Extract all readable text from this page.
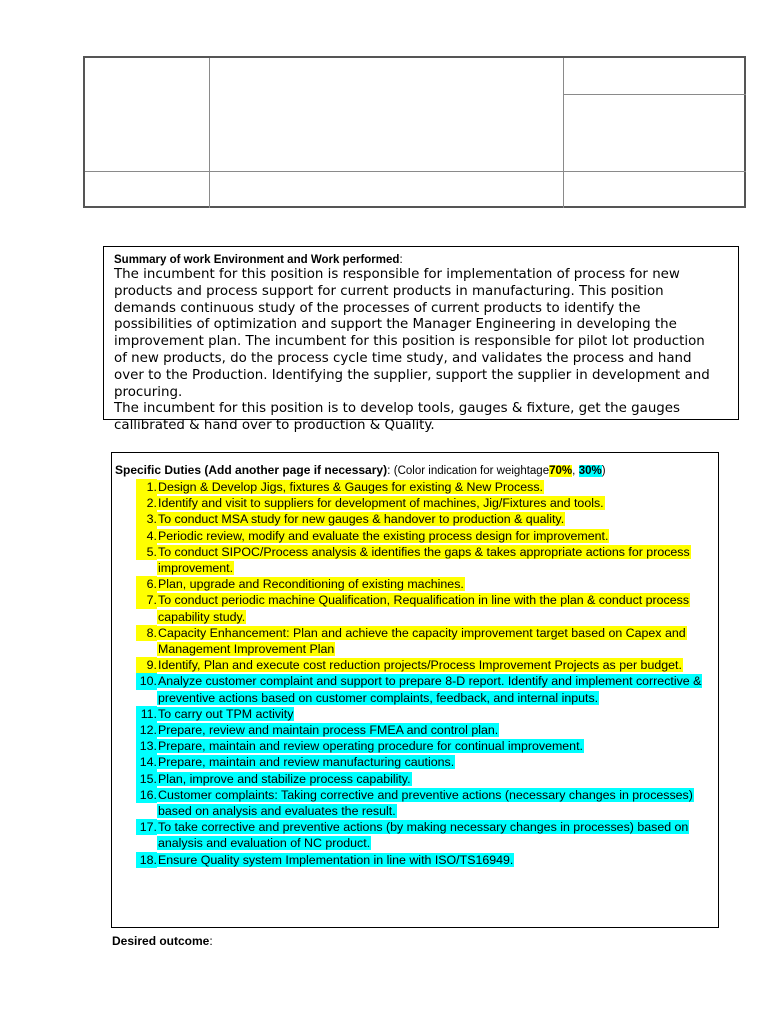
Summary of work Environment and Work performed:

The incumbent for this position is responsible for implementation of process for new products and process support for current products in manufacturing. This position demands continuous study of the processes of current products to identify the possibilities of optimization and support the Manager Engineering in developing the improvement plan. The incumbent for this position is responsible for pilot lot production of new products, do the process cycle time study, and validates the process and hand over to the Production. Identifying the supplier, support the supplier in development and procuring.

The incumbent for this position is to develop tools, gauges & fixture, get the gauges callibrated & hand over to production & Quality.

Specific Duties (Add another page if necessary): (Color indication for weightage70%, 30%)
1. Design & Develop Jigs, fixtures & Gauges for existing & New Process.
2. Identify and visit to suppliers for development of machines, Jig/Fixtures and tools.
3. To conduct MSA study for new gauges & handover to production & quality.
4. Periodic review, modify and evaluate the existing process design for improvement.
5. To conduct SIPOC/Process analysis & identifies the gaps & takes appropriate actions for process improvement.
6. Plan, upgrade and Reconditioning of existing machines.
7. To conduct periodic machine Qualification, Requalification in line with the plan & conduct process capability study.
8. Capacity Enhancement: Plan and achieve the capacity improvement target based on Capex and Management Improvement Plan
9. Identify, Plan and execute cost reduction projects/Process Improvement Projects as per budget.
10. Analyze customer complaint and support to prepare 8-D report. Identify and implement corrective & preventive actions based on customer complaints, feedback, and internal inputs.
11. To carry out TPM activity
12. Prepare, review and maintain process FMEA and control plan.
13. Prepare, maintain and review operating procedure for continual improvement.
14. Prepare, maintain and review manufacturing cautions.
15. Plan, improve and stabilize process capability.
16. Customer complaints: Taking corrective and preventive actions (necessary changes in processes) based on analysis and evaluates the result.
17. To take corrective and preventive actions (by making necessary changes in processes) based on analysis and evaluation of NC product.
18. Ensure Quality system Implementation in line with ISO/TS16949.
Desired outcome:
